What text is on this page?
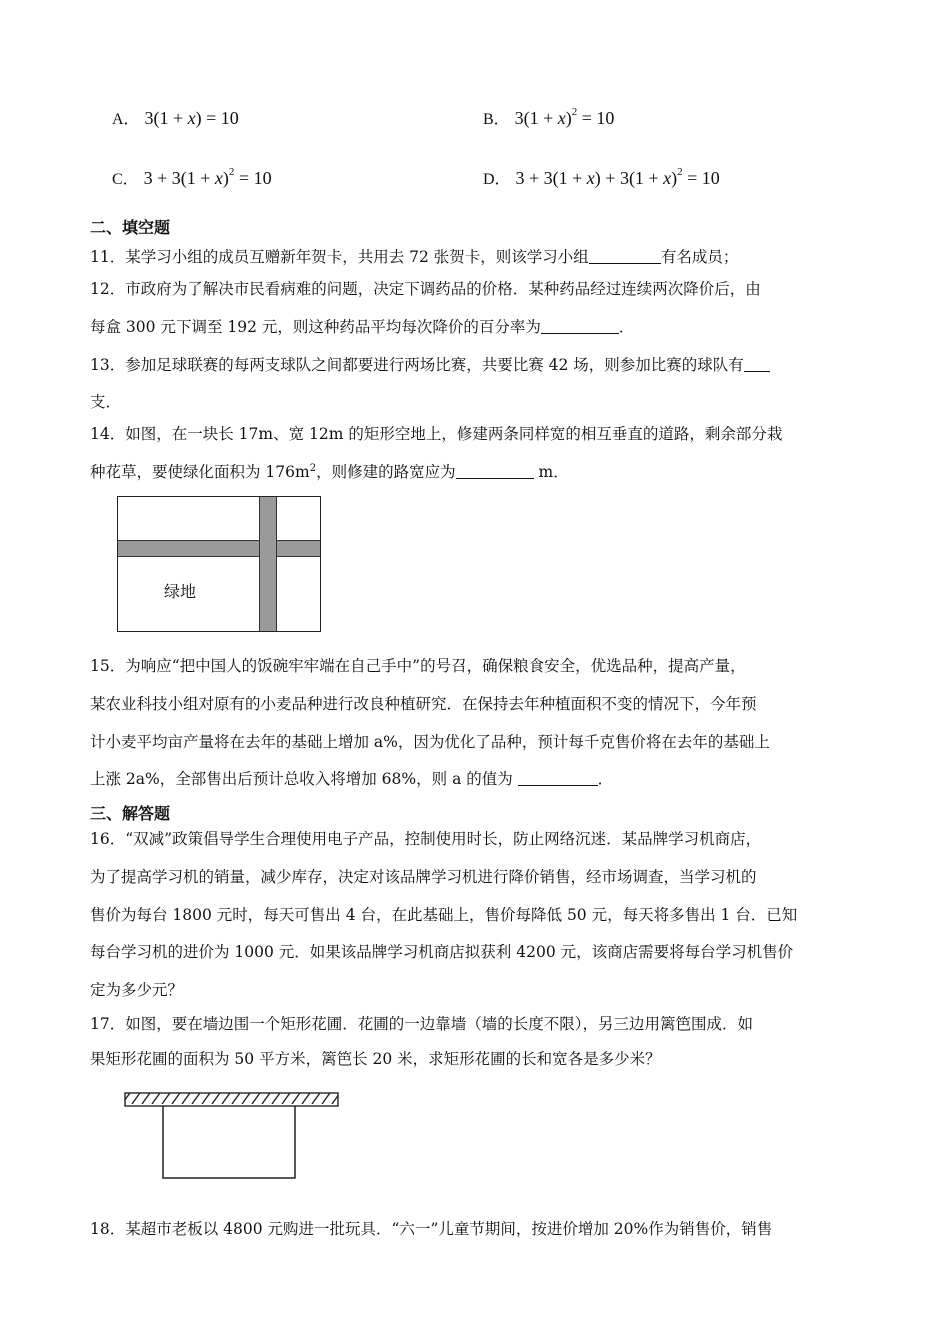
A． 3(1 + x) = 10	B． $3(1 + x)^2 = 10$
C． $3 + 3(1 + x)^2 = 10$	D． $3 + 3(1 + x) + 3(1 + x)^2 = 10$
二、填空题
11．某学习小组的成员互赠新年贺卡，共用去 72 张贺卡，则该学习小组	有名成员；
12．市政府为了解决市民看病难的问题，决定下调药品的价格．某种药品经过连续两次降价后，由
每盒 300 元下调至 192 元，则这种药品平均每次降价的百分率为	．
13．参加足球联赛的每两支球队之间都要进行两场比赛，共要比赛 42 场，则参加比赛的球队有
支．
14．如图，在一块长 17m、宽 12m 的矩形空地上，修建两条同样宽的相互垂直的道路，剩余部分栽
种花草，要使绿化面积为 $176m^2$，则修建的路宽应为	m．
绿地
15．为响应“把中国人的饭碗牢牢端在自己手中”的号召，确保粮食安全，优选品种，提高产量，
某农业科技小组对原有的小麦品种进行改良种植研究．在保持去年种植面积不变的情况下，今年预
计小麦平均亩产量将在去年的基础上增加 a%，因为优化了品种，预计每千克售价将在去年的基础上
上涨 2a%，全部售出后预计总收入将增加 68%，则 a 的值为	．
三、解答题
16．“双减”政策倡导学生合理使用电子产品，控制使用时长，防止网络沉迷．某品牌学习机商店，
为了提高学习机的销量，减少库存，决定对该品牌学习机进行降价销售，经市场调查，当学习机的
售价为每台 1800 元时，每天可售出 4 台，在此基础上，售价每降低 50 元，每天将多售出 1 台．已知
每台学习机的进价为 1000 元．如果该品牌学习机商店拟获利 4200 元，该商店需要将每台学习机售价
定为多少元？
17．如图，要在墙边围一个矩形花圃．花圃的一边靠墙（墙的长度不限），另三边用篱笆围成．如
果矩形花圃的面积为 50 平方米，篱笆长 20 米，求矩形花圃的长和宽各是多少米？
18．某超市老板以 4800 元购进一批玩具．“六一”儿童节期间，按进价增加 20%作为销售价，销售
